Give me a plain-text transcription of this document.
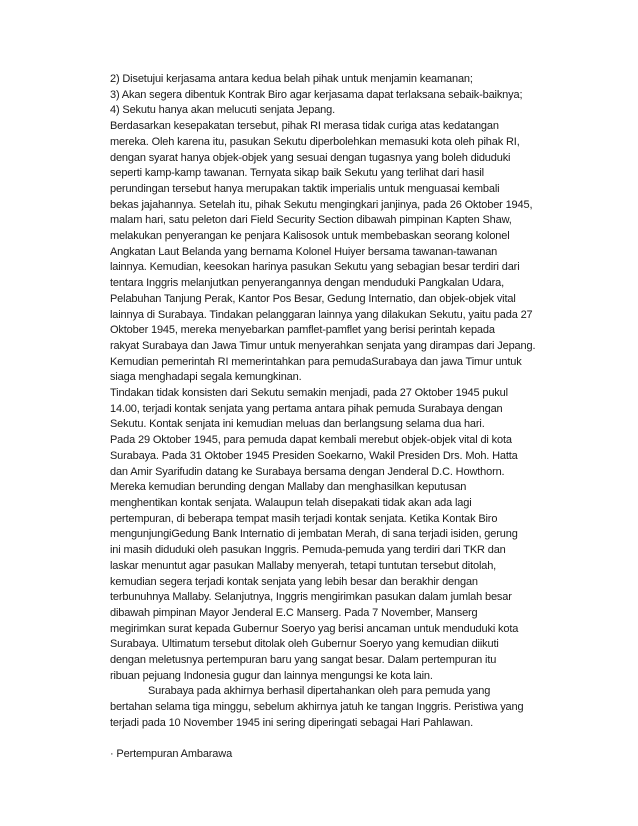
2) Disetujui kerjasama antara kedua belah pihak untuk menjamin keamanan;
3) Akan segera dibentuk Kontrak Biro agar kerjasama dapat terlaksana sebaik-baiknya;
4) Sekutu hanya akan melucuti senjata Jepang.
Berdasarkan kesepakatan tersebut, pihak RI merasa tidak curiga atas kedatangan
mereka. Oleh karena itu, pasukan Sekutu diperbolehkan memasuki kota oleh pihak RI,
dengan syarat hanya objek-objek yang sesuai dengan tugasnya yang boleh diduduki
seperti kamp-kamp tawanan. Ternyata sikap baik Sekutu yang terlihat dari hasil
perundingan tersebut hanya merupakan taktik imperialis untuk menguasai kembali
bekas jajahannya. Setelah itu, pihak Sekutu mengingkari janjinya, pada 26 Oktober 1945,
malam hari, satu peleton dari Field Security Section dibawah pimpinan Kapten Shaw,
melakukan penyerangan ke penjara Kalisosok untuk membebaskan seorang kolonel
Angkatan Laut Belanda yang bernama Kolonel Huiyer bersama tawanan-tawanan
lainnya. Kemudian, keesokan harinya pasukan Sekutu yang sebagian besar terdiri dari
tentara Inggris melanjutkan penyerangannya dengan menduduki Pangkalan Udara,
Pelabuhan Tanjung Perak, Kantor Pos Besar, Gedung Internatio, dan objek-objek vital
lainnya di Surabaya. Tindakan pelanggaran lainnya yang dilakukan Sekutu, yaitu pada 27
Oktober 1945, mereka menyebarkan pamflet-pamflet yang berisi perintah kepada
rakyat Surabaya dan Jawa Timur untuk menyerahkan senjata yang dirampas dari Jepang.
Kemudian pemerintah RI memerintahkan para pemudaSurabaya dan jawa Timur untuk
siaga menghadapi segala kemungkinan.
Tindakan tidak konsisten dari Sekutu semakin menjadi, pada 27 Oktober 1945 pukul
14.00, terjadi kontak senjata yang pertama antara pihak pemuda Surabaya dengan
Sekutu. Kontak senjata ini kemudian meluas dan berlangsung selama dua hari.
Pada 29 Oktober 1945, para pemuda dapat kembali merebut objek-objek vital di kota
Surabaya. Pada 31 Oktober 1945 Presiden Soekarno, Wakil Presiden Drs. Moh. Hatta
dan Amir Syarifudin datang ke Surabaya bersama dengan Jenderal D.C. Howthorn.
Mereka kemudian berunding dengan Mallaby dan menghasilkan keputusan
menghentikan kontak senjata. Walaupun telah disepakati tidak akan ada lagi
pertempuran, di beberapa tempat masih terjadi kontak senjata. Ketika Kontak Biro
mengunjungiGedung Bank Internatio di jembatan Merah, di sana terjadi isiden, gerung
ini masih diduduki oleh pasukan Inggris. Pemuda-pemuda yang terdiri dari TKR dan
laskar menuntut agar pasukan Mallaby menyerah, tetapi tuntutan tersebut ditolah,
kemudian segera terjadi kontak senjata yang lebih besar dan berakhir dengan
terbunuhnya Mallaby. Selanjutnya, Inggris mengirimkan pasukan dalam jumlah besar
dibawah pimpinan Mayor Jenderal E.C Manserg. Pada 7 November, Manserg
megirimkan surat kepada Gubernur Soeryo yag berisi ancaman untuk menduduki kota
Surabaya. Ultimatum tersebut ditolak oleh Gubernur Soeryo yang kemudian diikuti
dengan meletusnya pertempuran baru yang sangat besar. Dalam pertempuran itu
ribuan pejuang Indonesia gugur dan lainnya mengungsi ke kota lain.
Surabaya pada akhirnya berhasil dipertahankan oleh para pemuda yang
bertahan selama tiga minggu, sebelum akhirnya jatuh ke tangan Inggris. Peristiwa yang
terjadi pada 10 November 1945 ini sering diperingati sebagai Hari Pahlawan.
· Pertempuran Ambarawa
